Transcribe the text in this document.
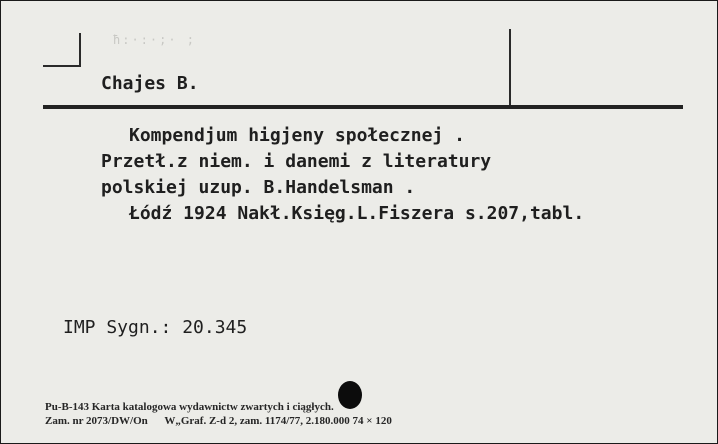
ħ:·:·;· ;
Chajes B.
Kompendjum higjeny społecznej .
Przetł.z niem. i danemi z literatury
polskiej uzup. B.Handelsman .
Łódź 1924 Nakł.Księg.L.Fiszera s.207,tabl.
IMP Sygn.: 20.345
Pu-B-143 Karta katalogowa wydawnictw zwartych i ciągłych.
Zam. nr 2073/DW/On W„Graf. Z-d 2, zam. 1174/77, 2.180.000 74 × 120
